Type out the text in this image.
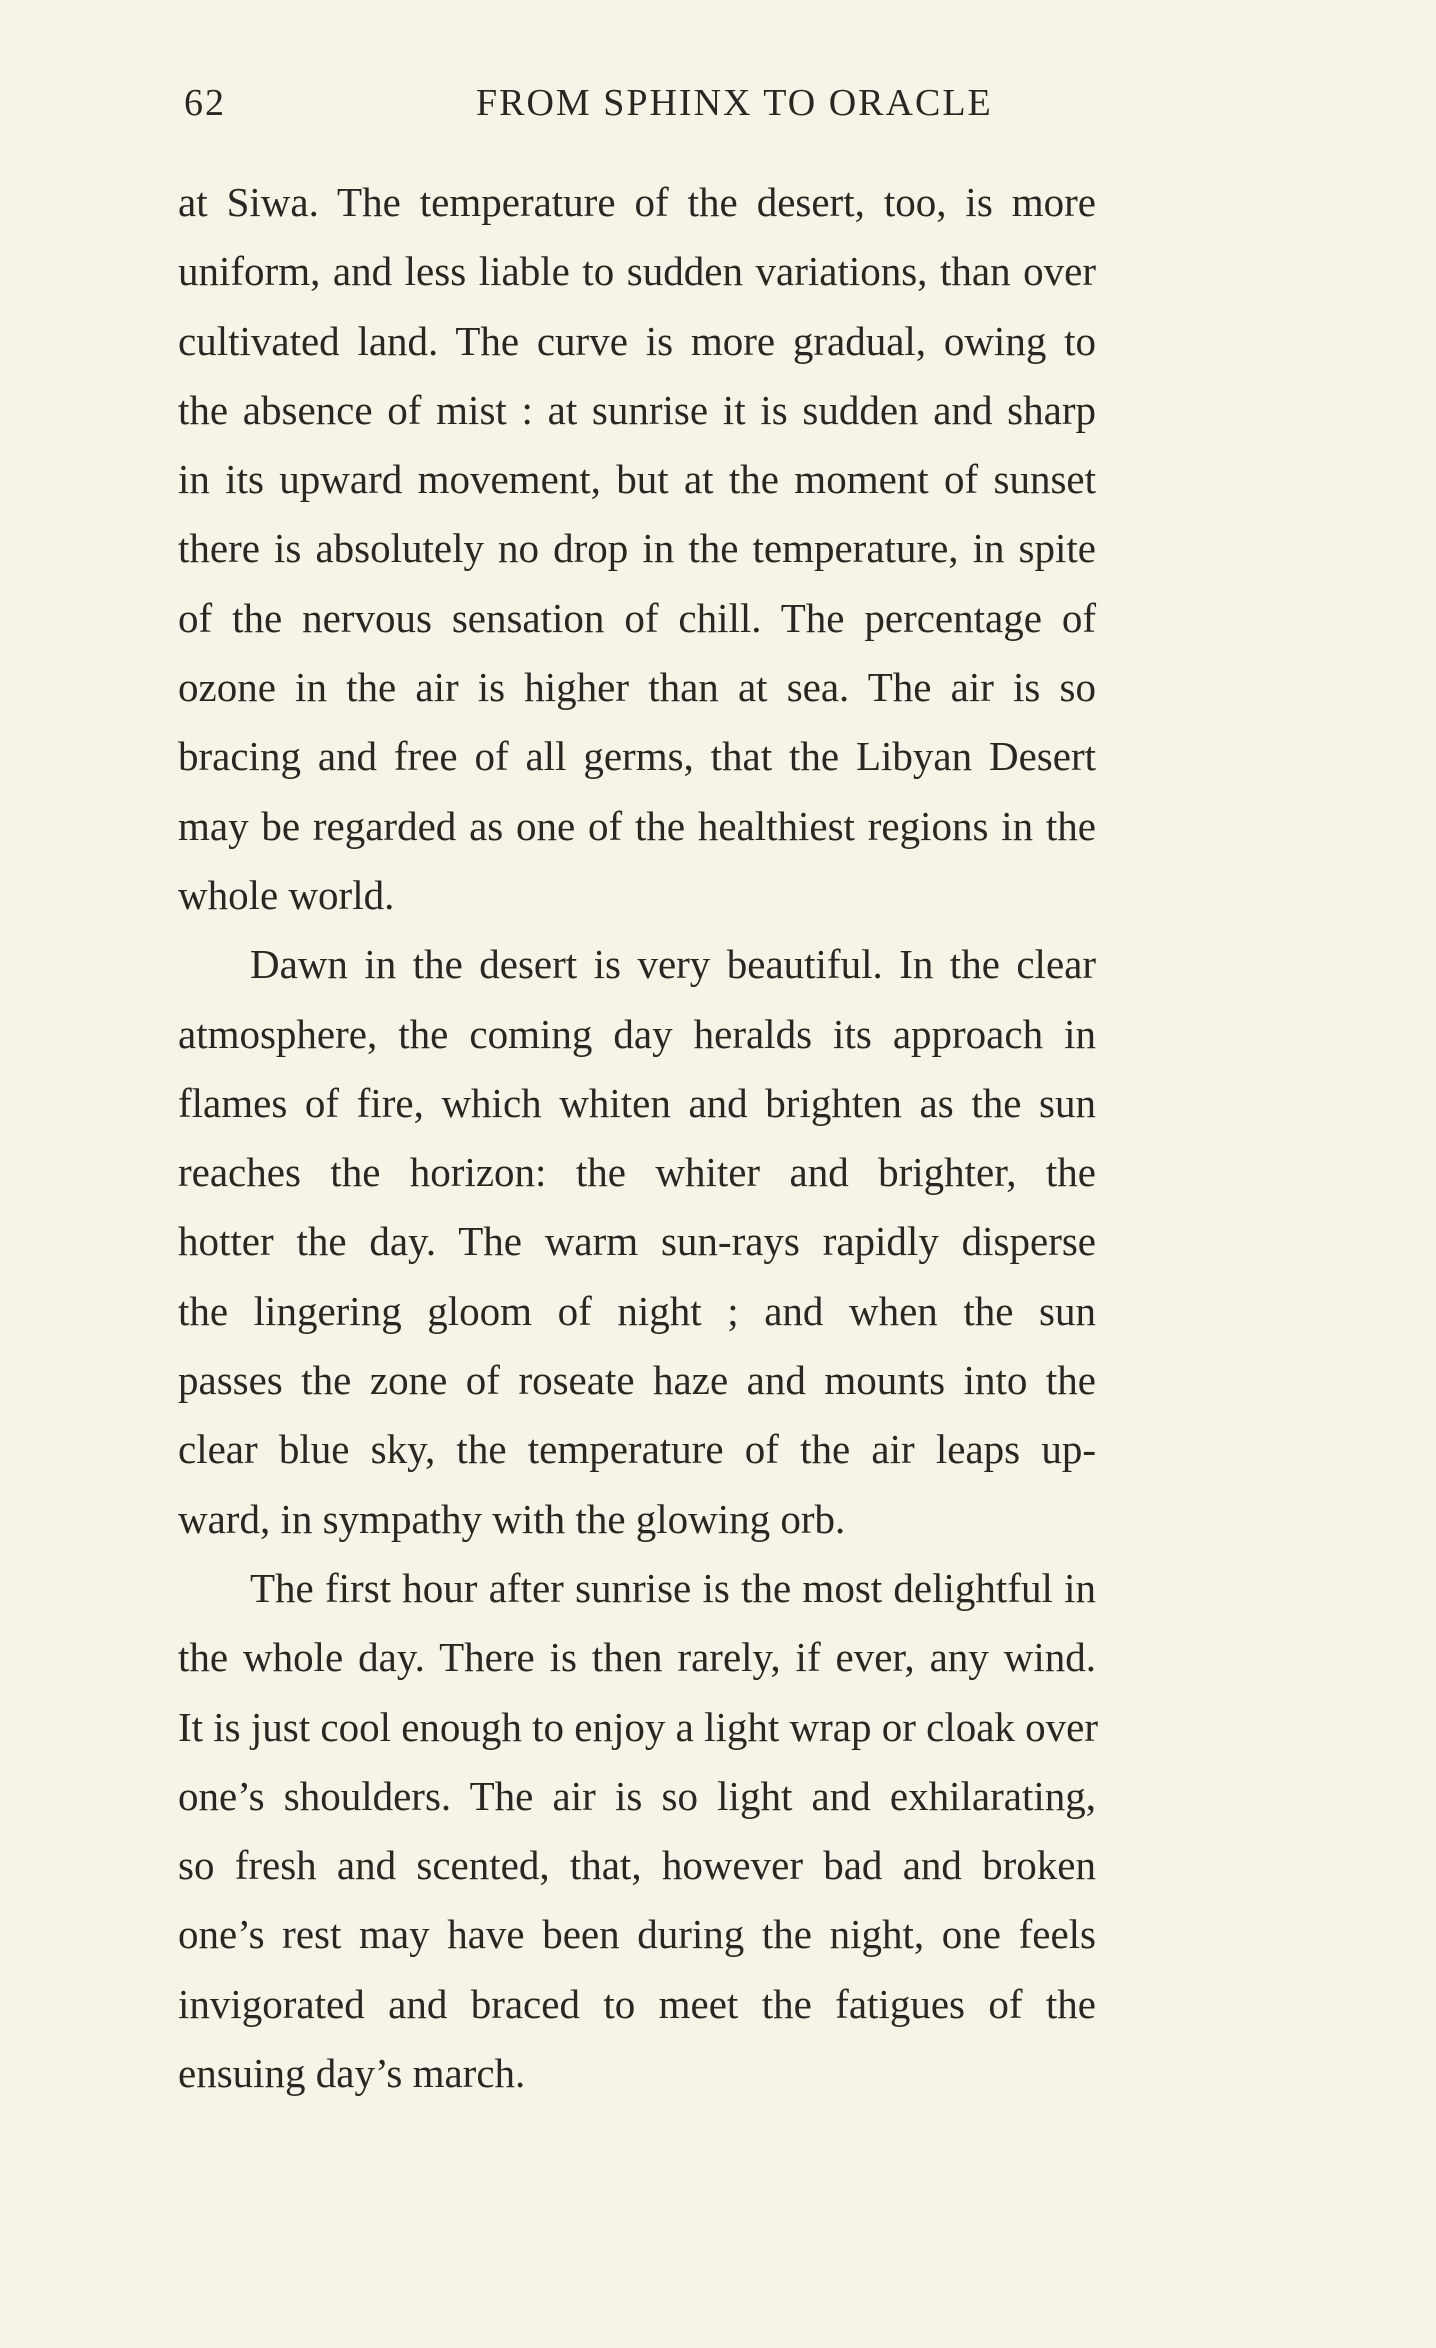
62	FROM SPHINX TO ORACLE
at Siwa. The temperature of the desert, too, is more
uniform, and less liable to sudden variations, than over
cultivated land. The curve is more gradual, owing to
the absence of mist : at sunrise it is sudden and sharp
in its upward movement, but at the moment of sunset
there is absolutely no drop in the temperature, in spite
of the nervous sensation of chill. The percentage of
ozone in the air is higher than at sea. The air is so
bracing and free of all germs, that the Libyan Desert
may be regarded as one of the healthiest regions in the
whole world.
Dawn in the desert is very beautiful. In the clear
atmosphere, the coming day heralds its approach in
flames of fire, which whiten and brighten as the sun
reaches the horizon: the whiter and brighter, the
hotter the day. The warm sun-rays rapidly disperse
the lingering gloom of night ; and when the sun
passes the zone of roseate haze and mounts into the
clear blue sky, the temperature of the air leaps up-
ward, in sympathy with the glowing orb.
The first hour after sunrise is the most delightful in
the whole day. There is then rarely, if ever, any wind.
It is just cool enough to enjoy a light wrap or cloak over
one’s shoulders. The air is so light and exhilarating,
so fresh and scented, that, however bad and broken
one’s rest may have been during the night, one feels
invigorated and braced to meet the fatigues of the
ensuing day’s march.
